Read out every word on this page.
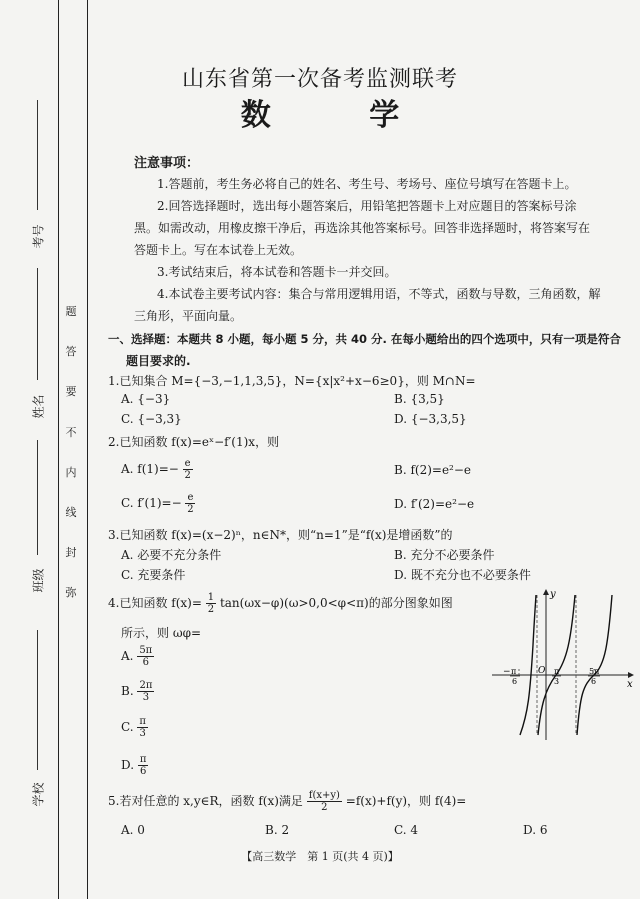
考号
姓名
班级
学校
题
答
要
不
内
线
封
弥
山东省第一次备考监测联考
数 学
注意事项：
1.答题前，考生务必将自己的姓名、考生号、考场号、座位号填写在答题卡上。
2.回答选择题时，选出每小题答案后，用铅笔把答题卡上对应题目的答案标号涂
黑。如需改动，用橡皮擦干净后，再选涂其他答案标号。回答非选择题时，将答案写在
答题卡上。写在本试卷上无效。
3.考试结束后，将本试卷和答题卡一并交回。
4.本试卷主要考试内容：集合与常用逻辑用语，不等式，函数与导数，三角函数，解
三角形，平面向量。
一、选择题：本题共 8 小题，每小题 5 分，共 40 分. 在每小题给出的四个选项中，只有一项是符合
题目要求的.
1.已知集合 M={−3,−1,1,3,5}，N={x|x²+x−6≥0}，则 M∩N=
A. {−3}	B. {3,5}
C. {−3,3}	D. {−3,3,5}
2.已知函数 f(x)=eˣ−f′(1)x，则
A. $f(1)=- \frac{e}{2}$	B. f(2)=e²−e
C. $f'(1)=- \frac{e}{2}$	D. f′(2)=e²−e
3.已知函数 f(x)=(x−2)ⁿ，n∈N*，则“n=1”是“f(x)是增函数”的
A. 必要不充分条件	B. 充分不必要条件
C. 充要条件	D. 既不充分也不必要条件
4.已知函数 $f(x)= \frac{1}{2} \tan(\omega x-\varphi)(\omega>0,0<\varphi<\pi)$的部分图象如图
所示，则 ωφ=
A. $\frac{5\pi}{6}$
B. $\frac{2\pi}{3}$
C. $\frac{\pi}{3}$
D. $\frac{\pi}{6}$
y
x
O
− π
6
π
3
5π
6
5.若对任意的 x,y∈R，函数 f(x)满足 $\frac{f(x+y)}{2} =f(x)+f(y)$，则 f(4)=
A. 0	B. 2	C. 4	D. 6
【高三数学　第 1 页(共 4 页)】
